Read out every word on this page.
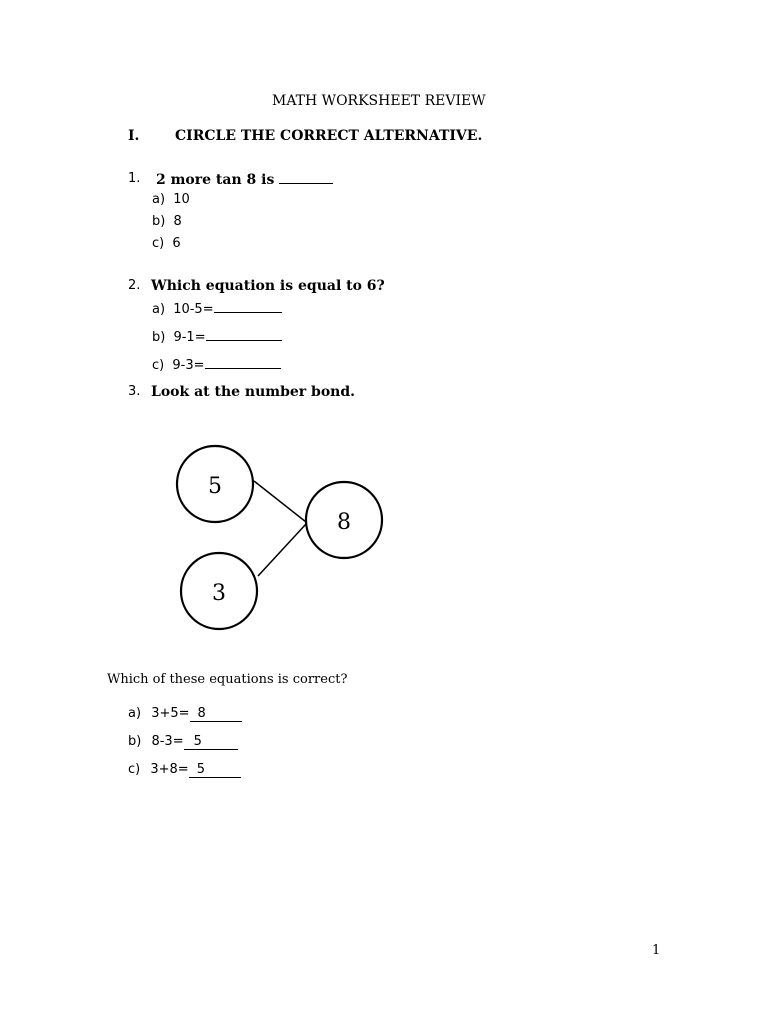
MATH WORKSHEET REVIEW
I.	CIRCLE THE CORRECT ALTERNATIVE.
1. 2 more tan 8 is
a) 10
b) 8
c) 6
2. Which equation is equal to 6?
a) 10-5=
b) 9-1=
c) 9-3=
3. Look at the number bond.
5
3
8
Which of these equations is correct?
a) 3+5= 8
b) 8-3= 5
c) 3+8= 5
1
